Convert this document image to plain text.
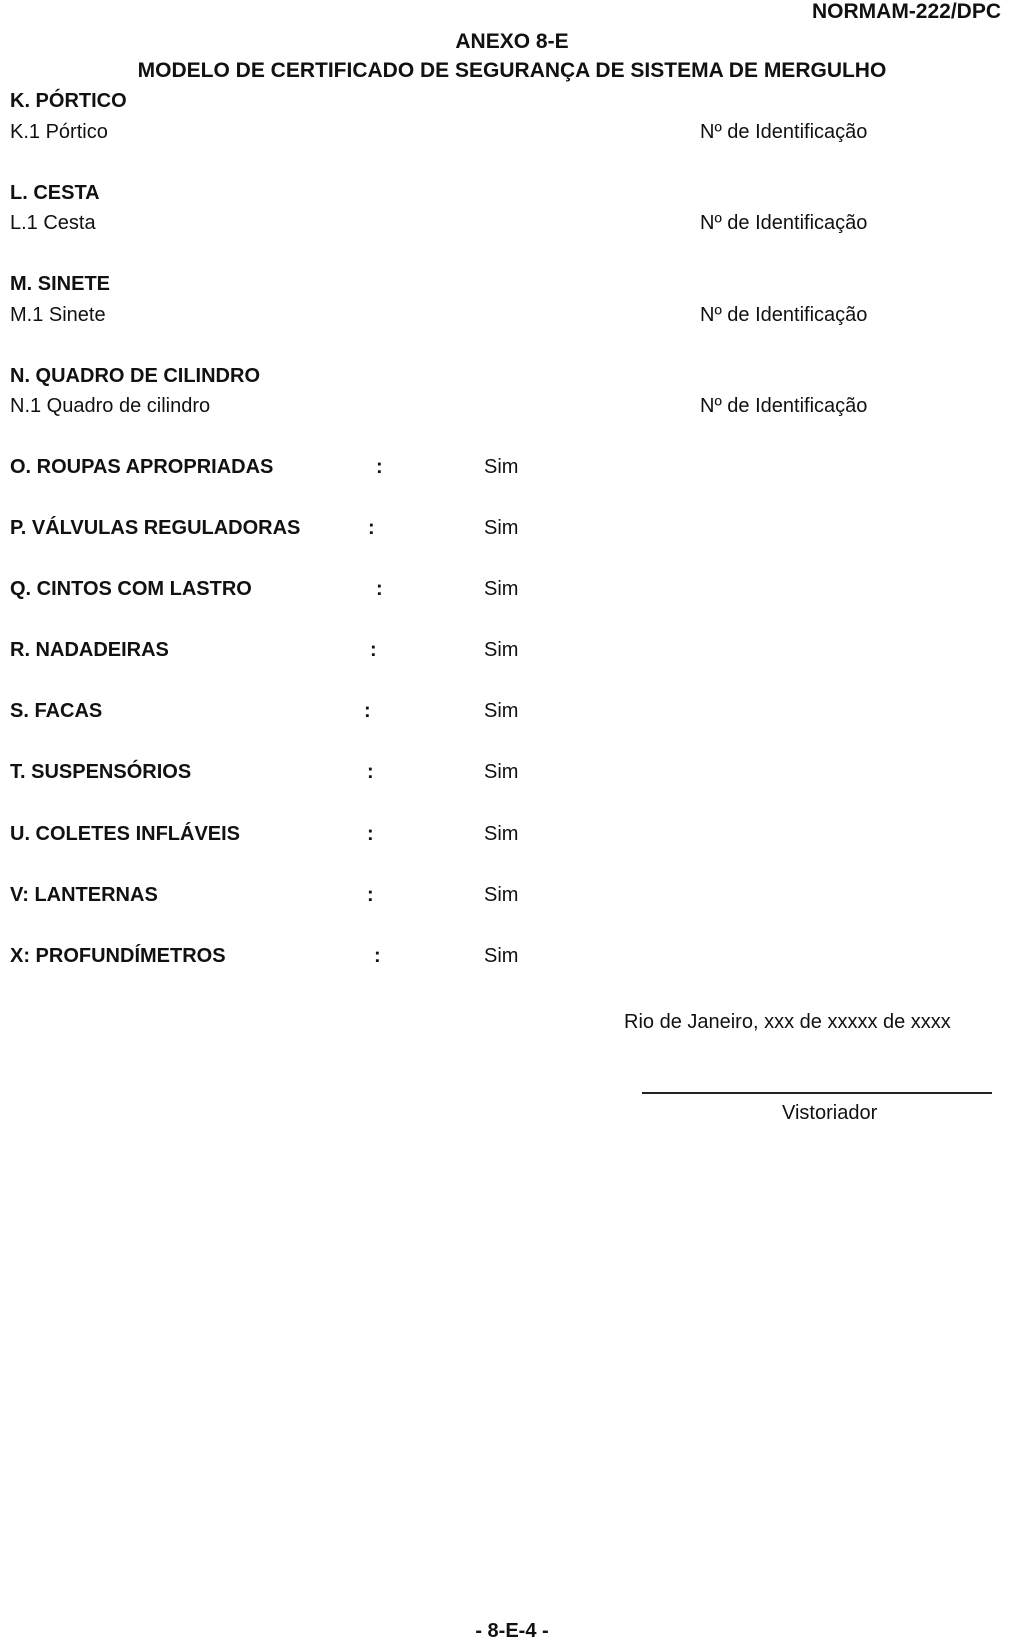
NORMAM-222/DPC
ANEXO 8-E
MODELO DE CERTIFICADO DE SEGURANÇA DE SISTEMA DE MERGULHO
K. PÓRTICO
K.1 Pórtico	Nº de Identificação
L. CESTA
L.1 Cesta	Nº de Identificação
M. SINETE
M.1 Sinete	Nº de Identificação
N. QUADRO DE CILINDRO
N.1 Quadro de cilindro	Nº de Identificação
O. ROUPAS APROPRIADAS	:	Sim
P. VÁLVULAS REGULADORAS	:	Sim
Q. CINTOS COM LASTRO	:	Sim
R. NADADEIRAS	:	Sim
S. FACAS	:	Sim
T. SUSPENSÓRIOS	:	Sim
U. COLETES INFLÁVEIS	:	Sim
V: LANTERNAS	:	Sim
X: PROFUNDÍMETROS	:	Sim
Rio de Janeiro, xxx de xxxxx de xxxx
Vistoriador
- 8-E-4 -
